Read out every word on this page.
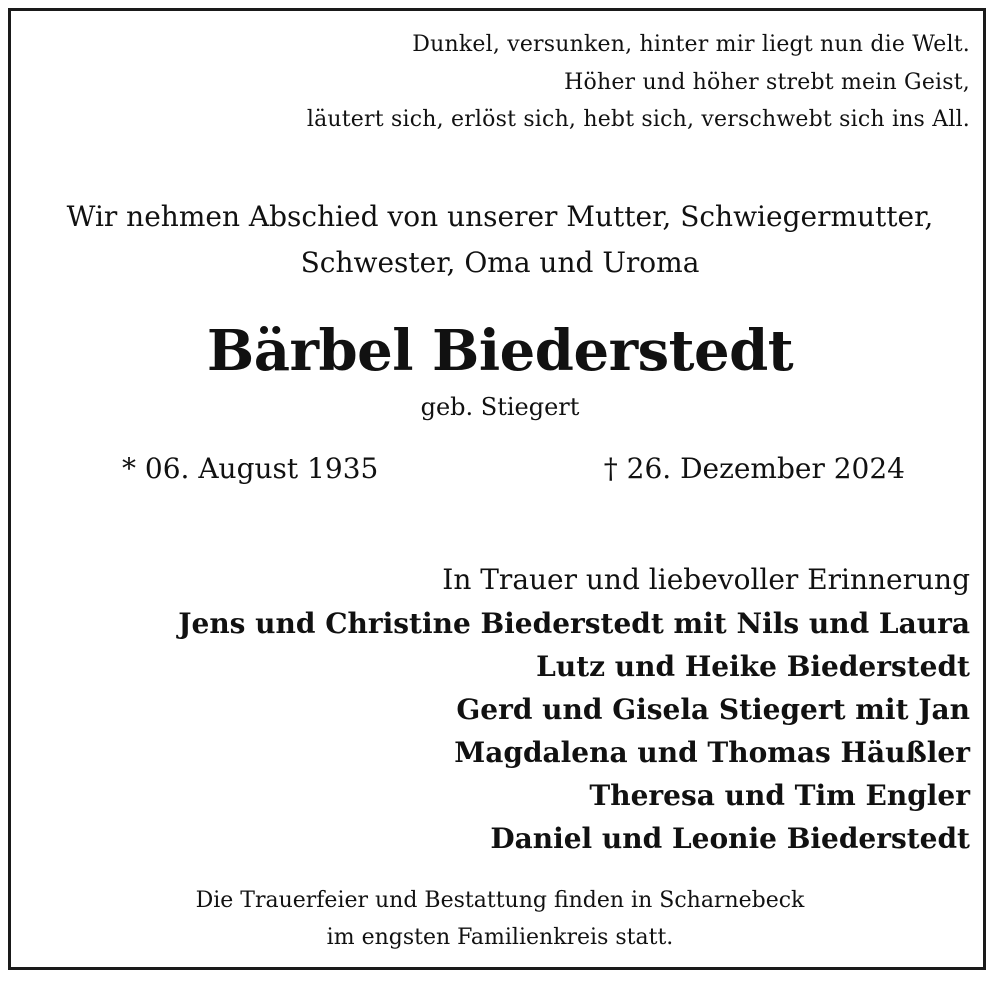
Dunkel, versunken, hinter mir liegt nun die Welt.
Höher und höher strebt mein Geist,
läutert sich, erlöst sich, hebt sich, verschwebt sich ins All.
Wir nehmen Abschied von unserer Mutter, Schwiegermutter,
Schwester, Oma und Uroma
Bärbel Biederstedt
geb. Stiegert
* 06. August 1935	† 26. Dezember 2024
In Trauer und liebevoller Erinnerung
Jens und Christine Biederstedt mit Nils und Laura
Lutz und Heike Biederstedt
Gerd und Gisela Stiegert mit Jan
Magdalena und Thomas Häußler
Theresa und Tim Engler
Daniel und Leonie Biederstedt
Die Trauerfeier und Bestattung finden in Scharnebeck
im engsten Familienkreis statt.
